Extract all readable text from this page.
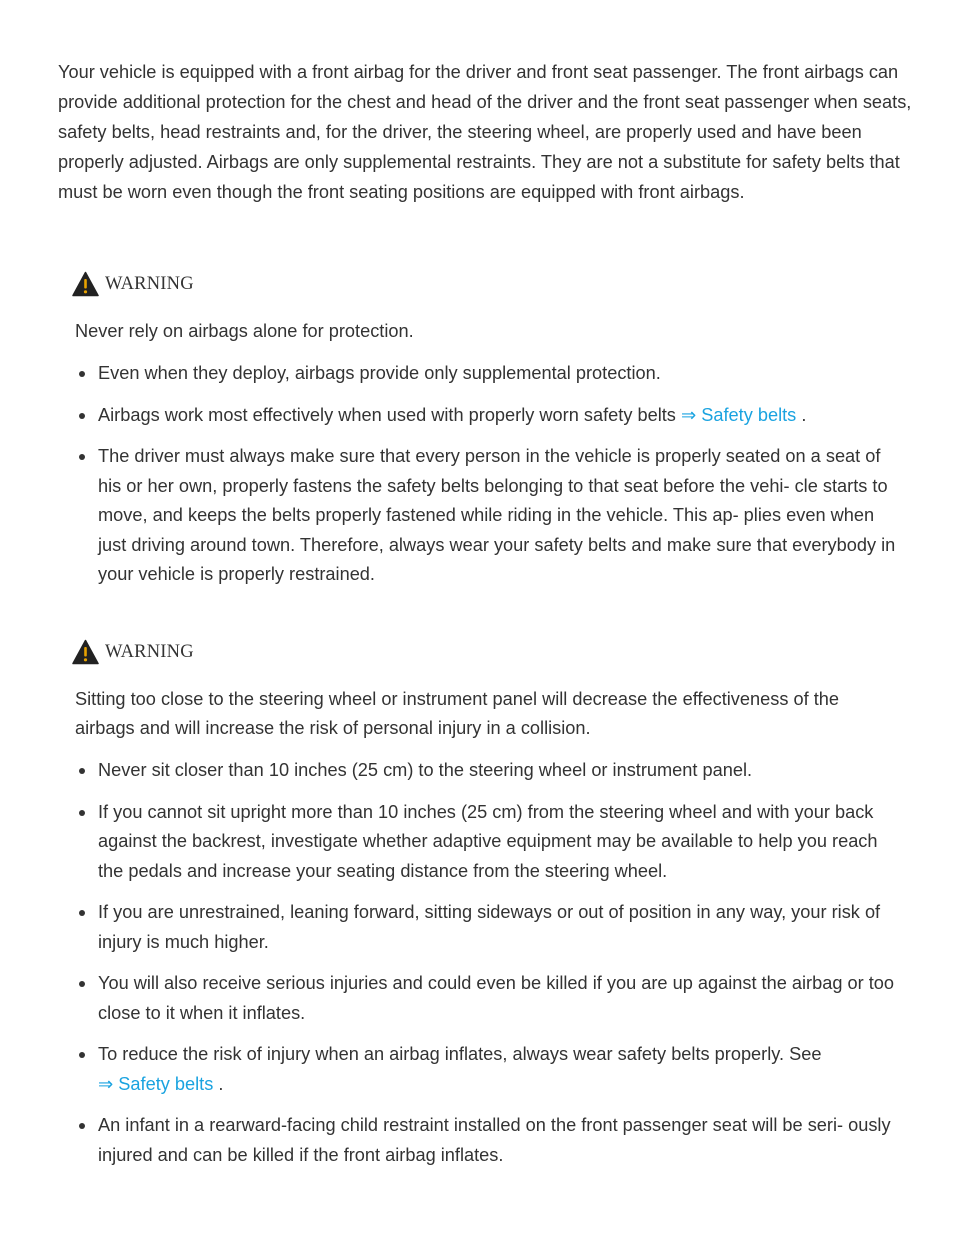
Your vehicle is equipped with a front airbag for the driver and front seat passenger. The front airbags can provide additional protection for the chest and head of the driver and the front seat passenger when seats, safety belts, head restraints and, for the driver, the steering wheel, are properly used and have been properly adjusted. Airbags are only supplemental restraints. They are not a substitute for safety belts that must be worn even though the front seating positions are equipped with front airbags.

WARNING

Never rely on airbags alone for protection.

Even when they deploy, airbags provide only supplemental protection.
Airbags work most effectively when used with properly worn safety belts ⇒ Safety belts .
The driver must always make sure that every person in the vehicle is properly seated on a seat of his or her own, properly fastens the safety belts belonging to that seat before the vehi- cle starts to move, and keeps the belts properly fastened while riding in the vehicle. This ap- plies even when just driving around town. Therefore, always wear your safety belts and make sure that everybody in your vehicle is properly restrained.
WARNING

Sitting too close to the steering wheel or instrument panel will decrease the effectiveness of the airbags and will increase the risk of personal injury in a collision.

Never sit closer than 10 inches (25 cm) to the steering wheel or instrument panel.
If you cannot sit upright more than 10 inches (25 cm) from the steering wheel and with your back against the backrest, investigate whether adaptive equipment may be available to help you reach the pedals and increase your seating distance from the steering wheel.
If you are unrestrained, leaning forward, sitting sideways or out of position in any way, your risk of injury is much higher.
You will also receive serious injuries and could even be killed if you are up against the airbag or too close to it when it inflates.
To reduce the risk of injury when an airbag inflates, always wear safety belts properly. See
⇒ Safety belts .
An infant in a rearward-facing child restraint installed on the front passenger seat will be seri- ously injured and can be killed if the front airbag inflates.
